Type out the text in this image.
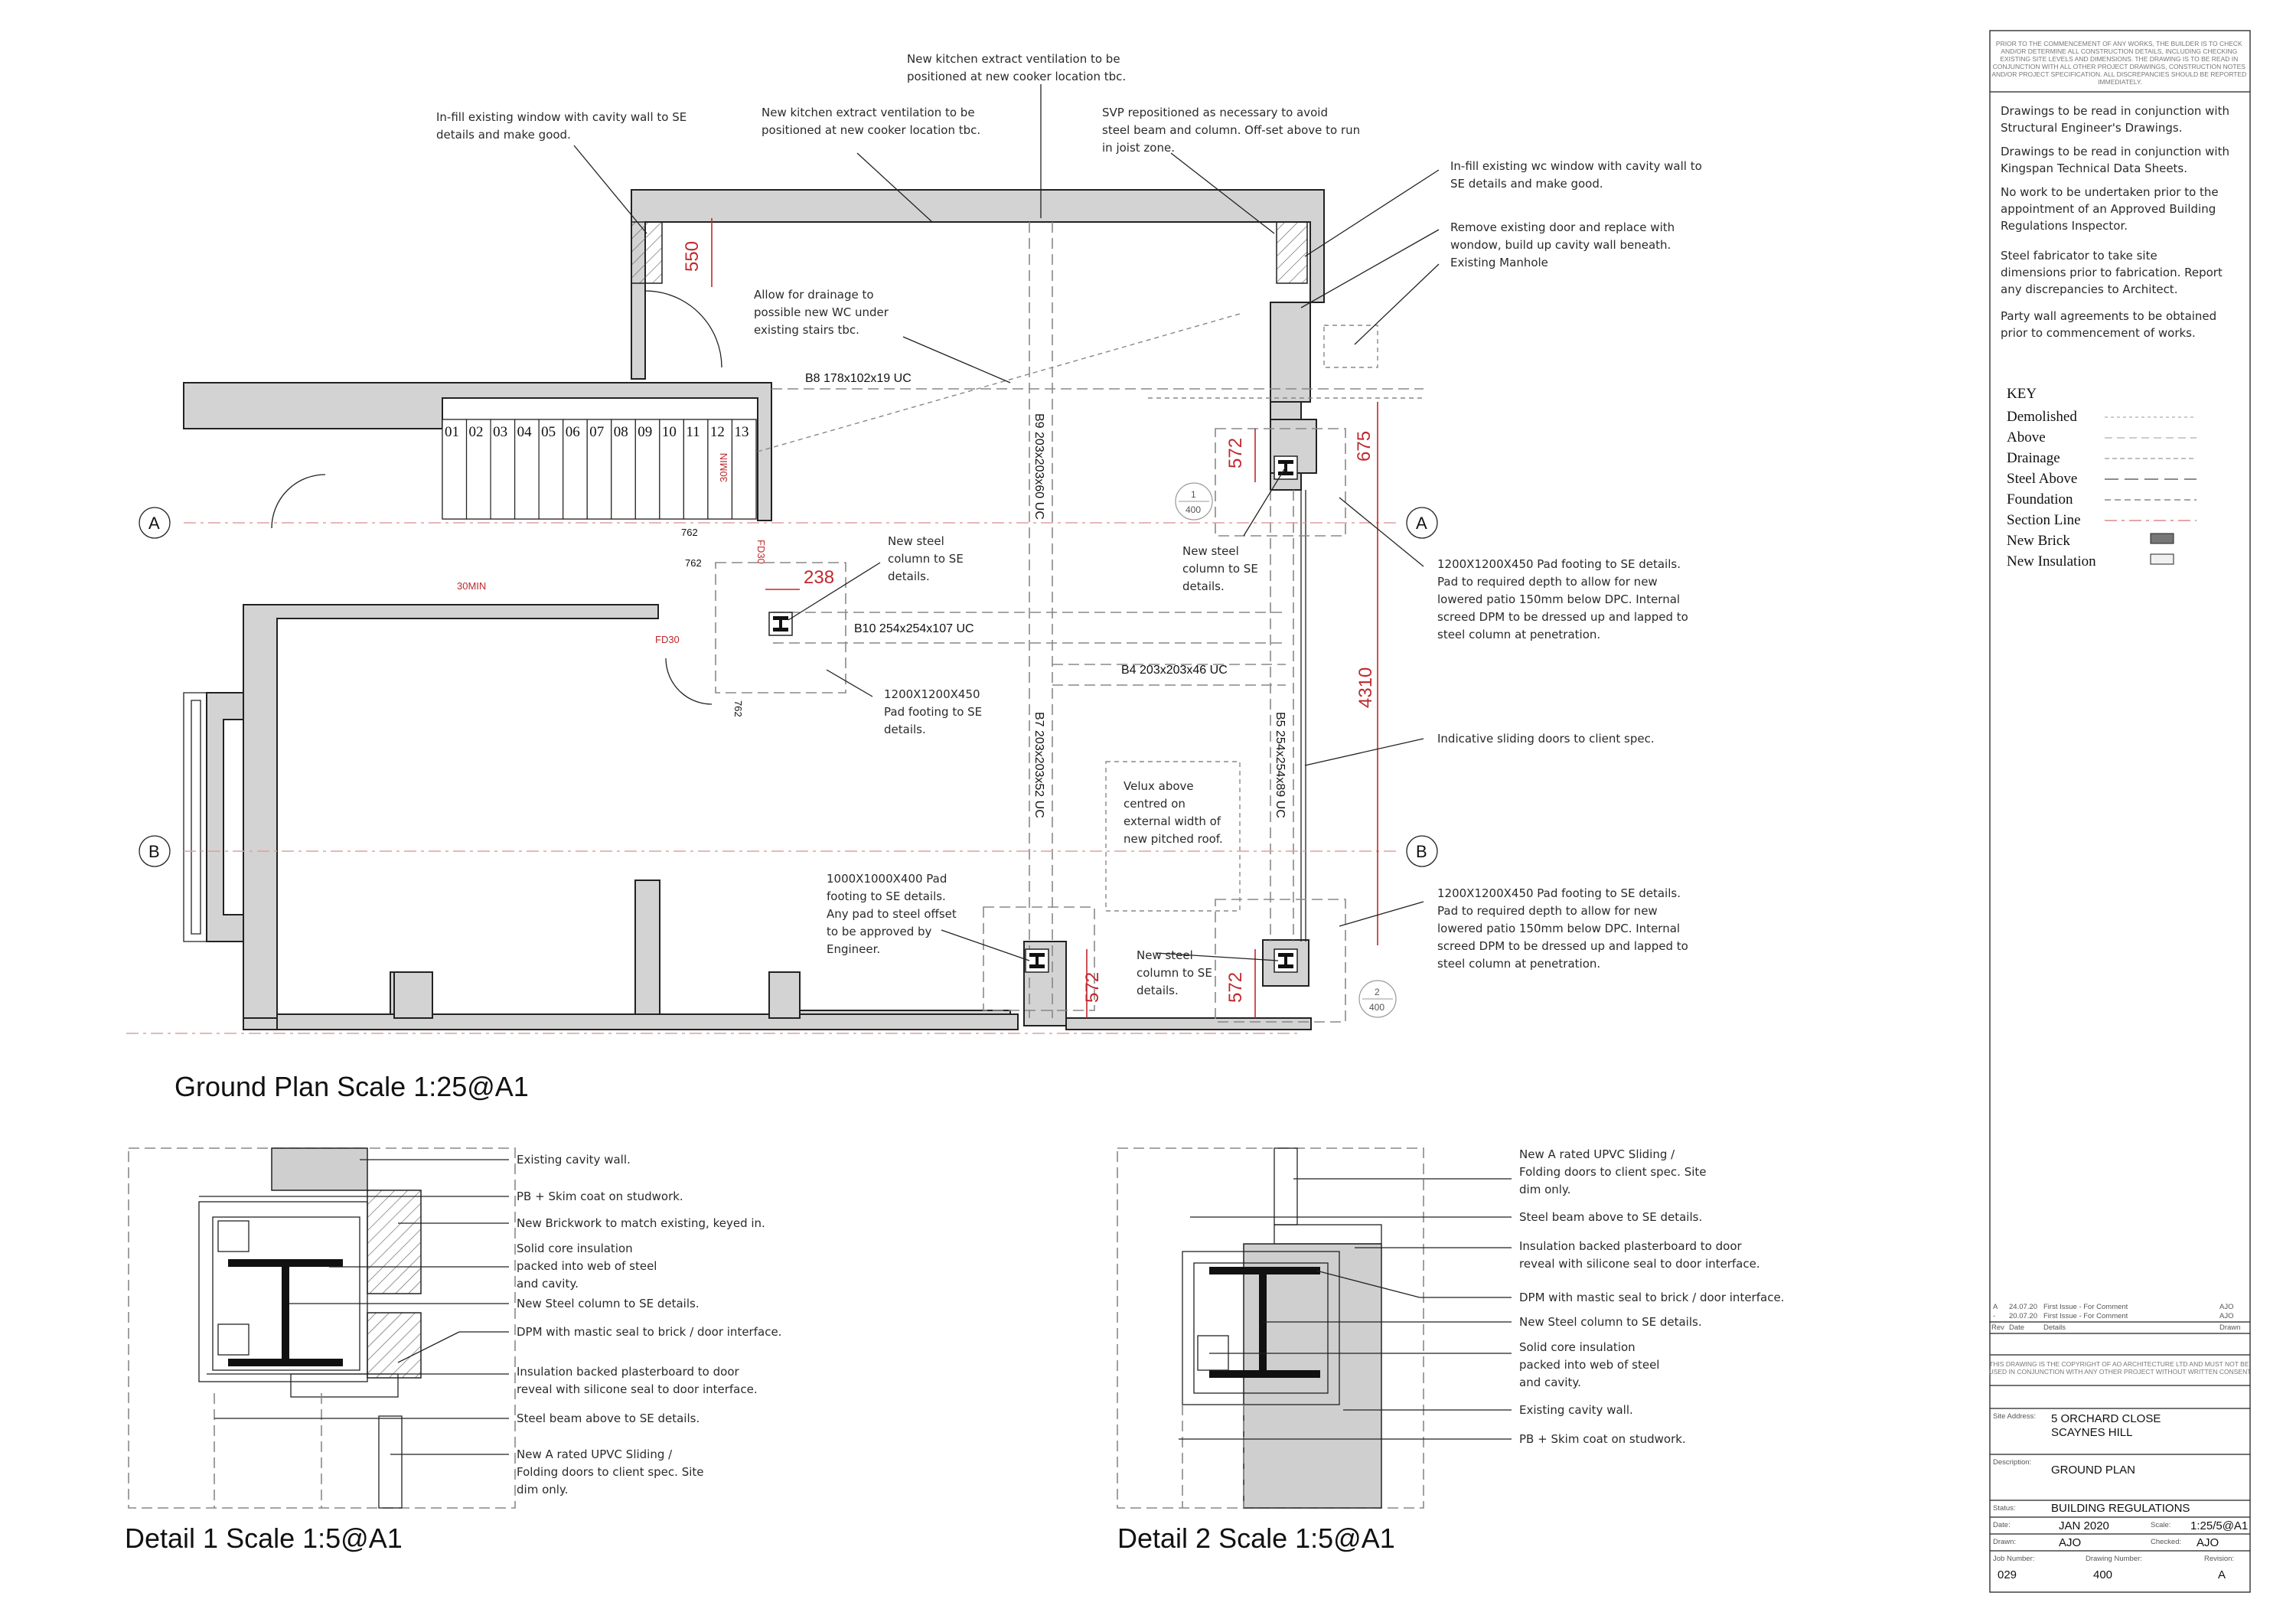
01 02 03 04 05 06 07 08 09 10 11 12 13
30MIN
30MIN
FD30
FD30
762
762
762
A	A
B	B
1
400
2
400
550
238
572	675
4310
572	572
B8 178x102x19 UC
B9 203x203x60 UC
B10 254x254x107 UC
B4 203x203x46 UC
B7 203x203x52 UC	B5 254x254x89 UC
In-fill existing window with cavity wall to SE details and make good.
New kitchen extract ventilation to be positioned at new cooker location tbc.
New kitchen extract ventilation to be positioned at new cooker location tbc.
SVP repositioned as necessary to avoid steel beam and column. Off-set above to run in joist zone.
In-fill existing wc window with cavity wall to SE details and make good.
Remove existing door and replace with wondow, build up cavity wall beneath.
Existing Manhole
Allow for drainage to possible new WC under existing stairs tbc.
New steel column to SE details.
1200X1200X450 Pad footing to SE details.
New steel column to SE details.
1200X1200X450 Pad footing to SE details. Pad to required depth to allow for new lowered patio 150mm below DPC. Internal screed DPM to be dressed up and lapped to steel column at penetration.
Indicative sliding doors to client spec.
Velux above centred on external width of new pitched roof.
1000X1000X400 Pad footing to SE details. Any pad to steel offset to be approved by Engineer.	New steel column to SE details.
1200X1200X450 Pad footing to SE details. Pad to required depth to allow for new lowered patio 150mm below DPC. Internal screed DPM to be dressed up and lapped to steel column at penetration.
Ground Plan Scale 1:25@A1
Existing cavity wall.
PB + Skim coat on studwork.
New Brickwork to match existing, keyed in.
Solid core insulation packed into web of steel and cavity.
New Steel column to SE details.
DPM with mastic seal to brick / door interface.
Insulation backed plasterboard to door reveal with silicone seal to door interface.
Steel beam above to SE details.
New A rated UPVC Sliding / Folding doors to client spec. Site dim only.
Detail 1 Scale 1:5@A1
New A rated UPVC Sliding / Folding doors to client spec. Site dim only.
Steel beam above to SE details.
Insulation backed plasterboard to door reveal with silicone seal to door interface.
DPM with mastic seal to brick / door interface.
New Steel column to SE details.
Solid core insulation packed into web of steel and cavity.
Existing cavity wall.
PB + Skim coat on studwork.
Detail 2 Scale 1:5@A1
PRIOR TO THE COMMENCEMENT OF ANY WORKS, THE BUILDER IS TO CHECK AND/OR DETERMINE ALL CONSTRUCTION DETAILS, INCLUDING CHECKING EXISTING SITE LEVELS AND DIMENSIONS. THE DRAWING IS TO BE READ IN CONJUNCTION WITH ALL OTHER PROJECT DRAWINGS, CONSTRUCTION NOTES AND/OR PROJECT SPECIFICATION. ALL DISCREPANCIES SHOULD BE REPORTED IMMEDIATELY.
Drawings to be read in conjunction with Structural Engineer's Drawings.
Drawings to be read in conjunction with Kingspan Technical Data Sheets.
No work to be undertaken prior to the appointment of an Approved Building Regulations Inspector.
Steel fabricator to take site dimensions prior to fabrication. Report any discrepancies to Architect.
Party wall agreements to be obtained prior to commencement of works.
KEY
Demolished
Above
Drainage
Steel Above
Foundation
Section Line
New Brick
New Insulation
A 24.07.20 First Issue - For Comment	AJO
- 20.07.20 First Issue - For Comment	AJO
Rev Date	Details	Drawn
THIS DRAWING IS THE COPYRIGHT OF AO ARCHITECTURE LTD AND MUST NOT BE USED IN CONJUNCTION WITH ANY OTHER PROJECT WITHOUT WRITTEN CONSENT
Site Address: 5 ORCHARD CLOSE SCAYNES HILL
Description:
GROUND PLAN
Status:	BUILDING REGULATIONS
Date:	JAN 2020	Scale: 1:25/5@A1
Drawn:	AJO	Checked: AJO
Job Number:	Drawing Number:	Revision:
029	400	A
